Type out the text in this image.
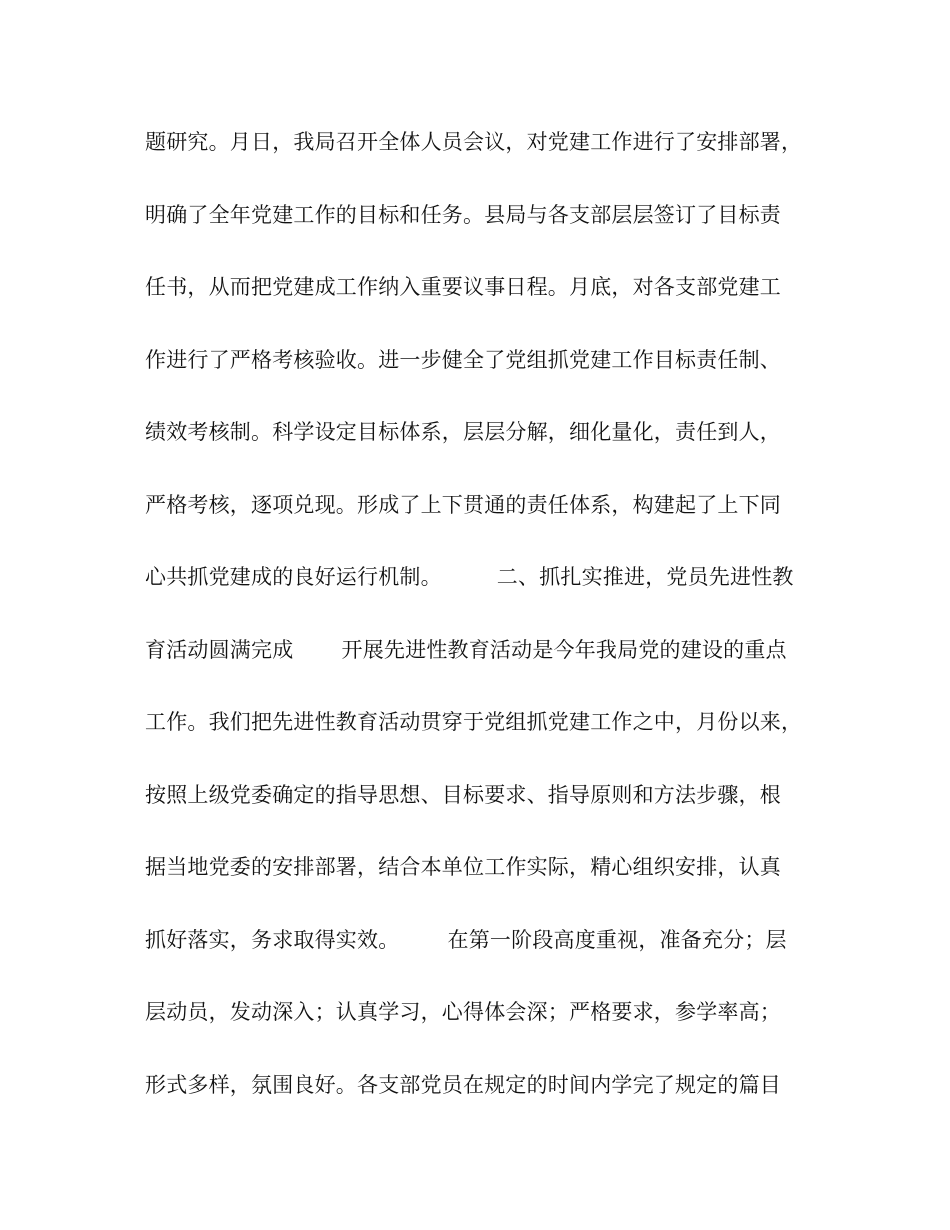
题研究。月日，我局召开全体人员会议，对党建工作进行了安排部署，
明确了全年党建工作的目标和任务。县局与各支部层层签订了目标责
任书，从而把党建成工作纳入重要议事日程。月底，对各支部党建工
作进行了严格考核验收。进一步健全了党组抓党建工作目标责任制、
绩效考核制。科学设定目标体系，层层分解，细化量化，责任到人，
严格考核，逐项兑现。形成了上下贯通的责任体系，构建起了上下同
心共抓党建成的良好运行机制。        二、抓扎实推进，党员先进性教
育活动圆满完成       开展先进性教育活动是今年我局党的建设的重点
工作。我们把先进性教育活动贯穿于党组抓党建工作之中，月份以来，
按照上级党委确定的指导思想、目标要求、指导原则和方法步骤，根
据当地党委的安排部署，结合本单位工作实际，精心组织安排，认真
抓好落实，务求取得实效。       在第一阶段高度重视，准备充分；层
层动员，发动深入；认真学习，心得体会深；严格要求，参学率高；
形式多样，氛围良好。各支部党员在规定的时间内学完了规定的篇目
